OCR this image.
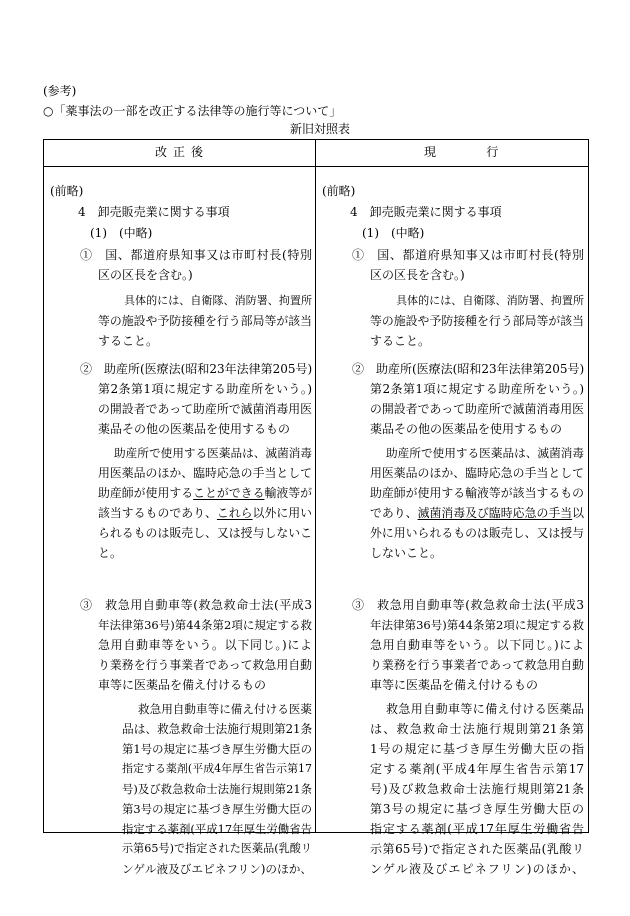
(参考)
○「薬事法の一部を改正する法律等の施行等について」
新旧対照表
改正後	現　行
(前略)
4　卸売販売業に関する事項
(1)　(中略)
①　国、都道府県知事又は市町村長(特別
区の区長を含む。)
具体的には、自衛隊、消防署、拘置所
等の施設や予防接種を行う部局等が該当
すること。
②　助産所(医療法(昭和23年法律第205号)
第2条第1項に規定する助産所をいう。)
の開設者であって助産所で滅菌消毒用医
薬品その他の医薬品を使用するもの
助産所で使用する医薬品は、滅菌消毒
用医薬品のほか、臨時応急の手当として
助産師が使用することができる輸液等が
該当するものであり、これら以外に用い
られるものは販売し、又は授与しないこ
と。
③　救急用自動車等(救急救命士法(平成3
年法律第36号)第44条第2項に規定する救
急用自動車等をいう。以下同じ。)によ
り業務を行う事業者であって救急用自動
車等に医薬品を備え付けるもの
救急用自動車等に備え付ける医薬
品は、救急救命士法施行規則第21条
第1号の規定に基づき厚生労働大臣の
指定する薬剤(平成4年厚生省告示第17
号)及び救急救命士法施行規則第21条
第3号の規定に基づき厚生労働大臣の
指定する薬剤(平成17年厚生労働省告
示第65号)で指定された医薬品(乳酸リ
ンゲル液及びエピネフリン)のほか、
(前略)
4　卸売販売業に関する事項
(1)　(中略)
①　国、都道府県知事又は市町村長(特別
区の区長を含む。)
具体的には、自衛隊、消防署、拘置所
等の施設や予防接種を行う部局等が該当
すること。
②　助産所(医療法(昭和23年法律第205号)
第2条第1項に規定する助産所をいう。)
の開設者であって助産所で滅菌消毒用医
薬品その他の医薬品を使用するもの
助産所で使用する医薬品は、滅菌消毒
用医薬品のほか、臨時応急の手当として
助産師が使用する輸液等が該当するもの
であり、滅菌消毒及び臨時応急の手当以
外に用いられるものは販売し、又は授与
しないこと。
③　救急用自動車等(救急救命士法(平成3
年法律第36号)第44条第2項に規定する救
急用自動車等をいう。以下同じ。)によ
り業務を行う事業者であって救急用自動
車等に医薬品を備え付けるもの
救急用自動車等に備え付ける医薬品
は、救急救命士法施行規則第21条第
1号の規定に基づき厚生労働大臣の指
定する薬剤(平成4年厚生省告示第17
号)及び救急救命士法施行規則第21条
第3号の規定に基づき厚生労働大臣の
指定する薬剤(平成17年厚生労働省告
示第65号)で指定された医薬品(乳酸リ
ンゲル液及びエピネフリン)のほか、
